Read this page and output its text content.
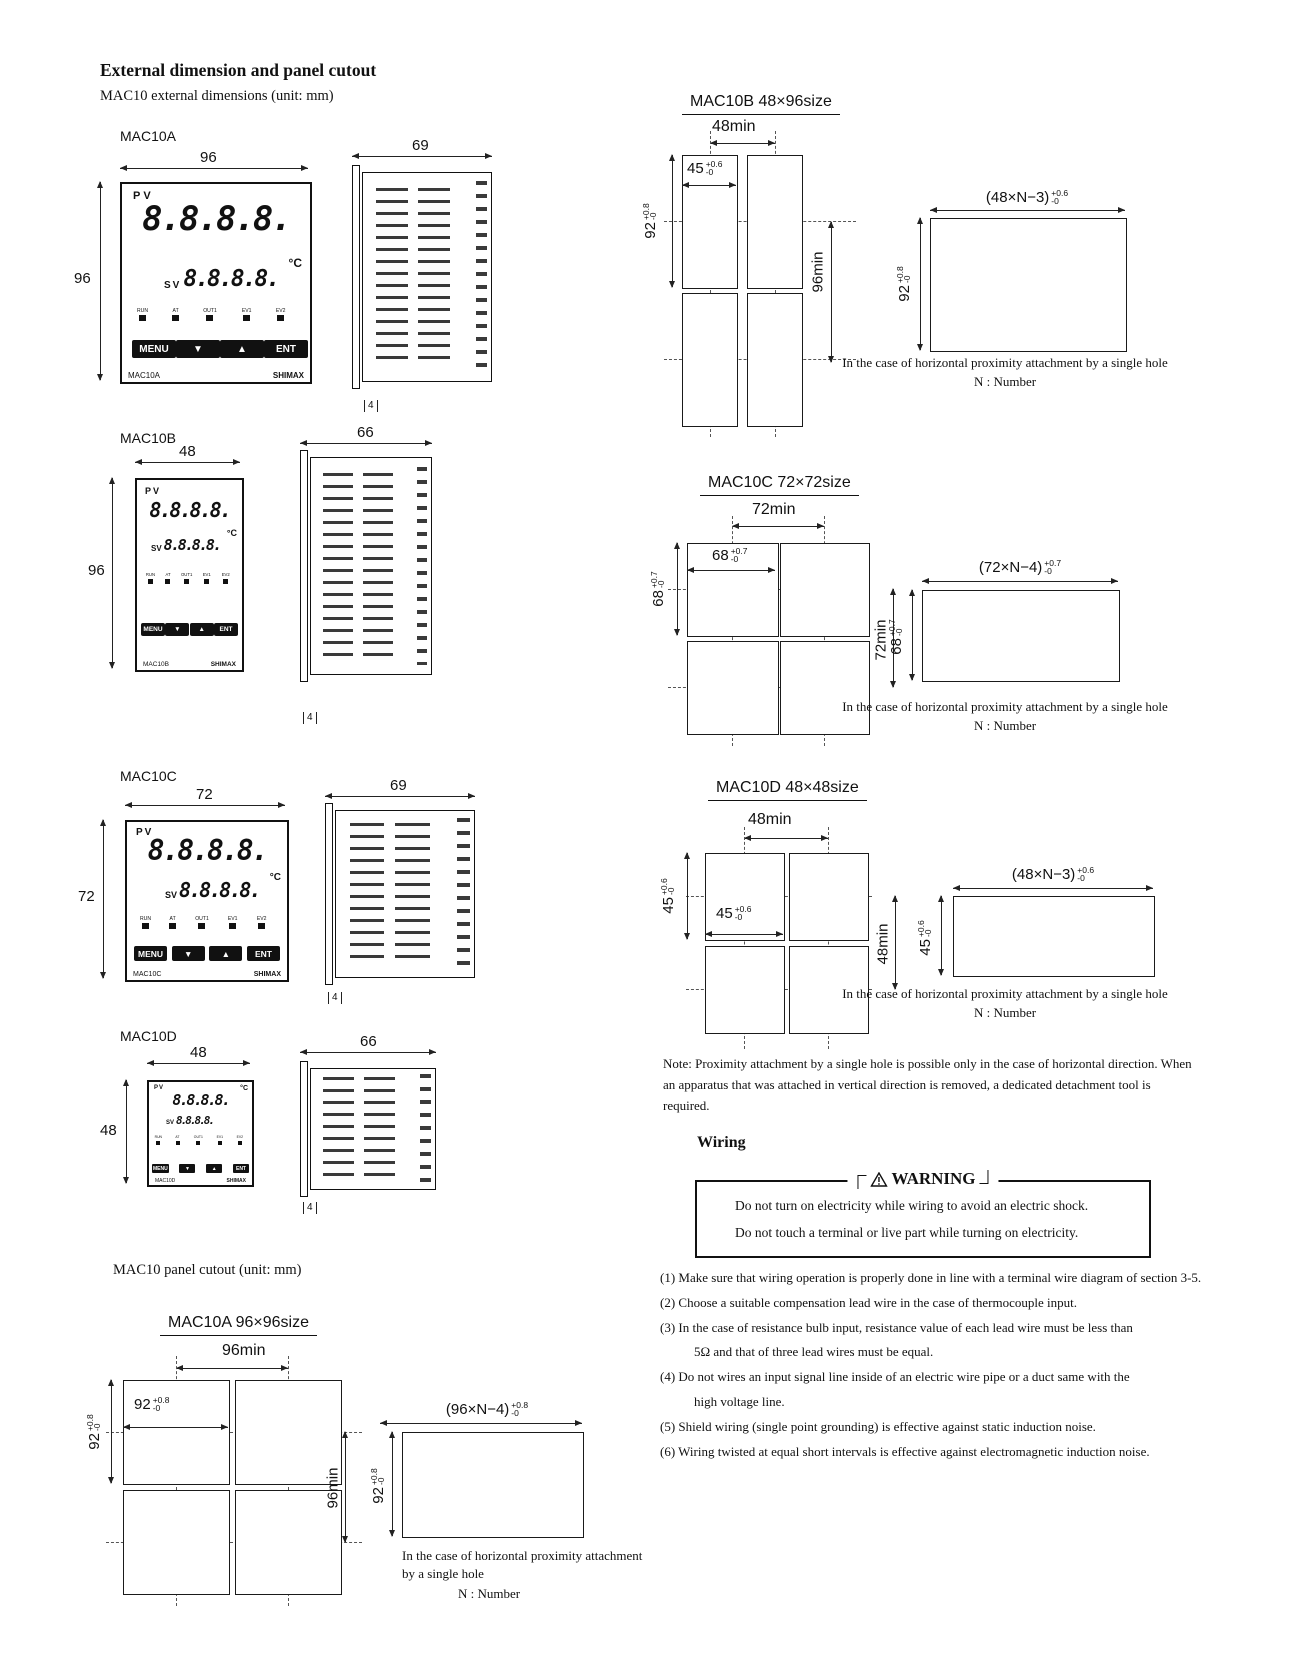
External dimension and panel cutout
MAC10 external dimensions (unit: mm)
MAC10A
96
96
PV
8.8.8.8.
SV 8.8.8.8.
°C
RUN	AT	OUT1	EV1	EV2
MENU	▼	▲	ENT
MAC10A	SHIMAX
69
4
MAC10B
48
96
PV
8.8.8.8.
SV 8.8.8.8.
°C
RUN AT OUT1 EV1 EV2
MENU	▼	▲	ENT
MAC10B	SHIMAX
66
4
MAC10C
72
72
PV
8.8.8.8.
SV 8.8.8.8.
°C
RUN	AT	OUT1	EV1	EV2
MENU	▼	▲	ENT
MAC10C	SHIMAX
69
4
MAC10D
48
48
PV
8.8.8.8.
SV 8.8.8.8.
°C
RUN	AT	OUT1	EV1	EV2
MENU	▼	▲	ENT
MAC10D	SHIMAX
66
4
MAC10B 48×96size
48min
45 +0.6
-0
92
+0.8
-0
96min
(48×N−3) +0.6
-0
92
+0.8
-0
In the case of horizontal proximity attachment by a single hole
N : Number
MAC10C 72×72size
72min
68 +0.7
-0
68
+0.7
-0
72min
(72×N−4) +0.7
-0
68
+0.7
-0
In the case of horizontal proximity attachment by a single hole
N : Number
MAC10D 48×48size
48min
45
+0.6
-0
45 +0.6
-0
48min
(48×N−3) +0.6
-0
45
+0.6
-0
In the case of horizontal proximity attachment by a single hole
N : Number
Note: Proximity attachment by a single hole is possible only in the case of horizontal direction. When an apparatus that was attached in vertical direction is removed, a dedicated detachment tool is required.
Wiring
WARNING
Do not turn on electricity while wiring to avoid an electric shock.
Do not touch a terminal or live part while turning on electricity.
(1) Make sure that wiring operation is properly done in line with a terminal wire diagram of section 3-5.
(2) Choose a suitable compensation lead wire in the case of thermocouple input.
(3) In the case of resistance bulb input, resistance value of each lead wire must be less than
5Ω and that of three lead wires must be equal.
(4) Do not wires an input signal line inside of an electric wire pipe or a duct same with the
high voltage line.
(5) Shield wiring (single point grounding) is effective against static induction noise.
(6) Wiring twisted at equal short intervals is effective against electromagnetic induction noise.
MAC10 panel cutout (unit: mm)
MAC10A 96×96size
96min
92
+0.8
-0
92 +0.8
-0
96min
(96×N−4) +0.8
-0
92
+0.8
-0
In the case of horizontal proximity attachment
by a single hole
N : Number
